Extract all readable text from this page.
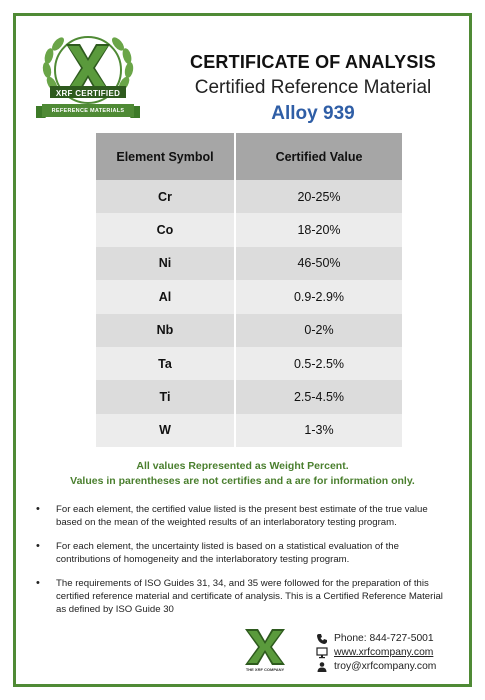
XRF CERTIFIED
REFERENCE MATERIALS
CERTIFICATE OF ANALYSIS
Certified Reference Material
Alloy 939
Element Symbol	Certified Value
Cr	20-25%
Co	18-20%
Ni	46-50%
Al	0.9-2.9%
Nb	0-2%
Ta	0.5-2.5%
Ti	2.5-4.5%
W	1-3%
All values Represented as Weight Percent.
Values in parentheses are not certifies and a are for information only.
• For each element, the certified value listed is the present best estimate of the true value based on the mean of the weighted results of an interlaboratory testing program.
• For each element, the uncertainty listed is based on a statistical evaluation of the contributions of homogeneity and the interlaboratory testing program.
• The requirements of ISO Guides 31, 34, and 35 were followed for the preparation of this certified reference material and certificate of analysis. This is a Certified Reference Material as defined by ISO Guide 30
THE XRF COMPANY
Phone: 844-727-5001
www.xrfcompany.com
troy@xrfcompany.com
